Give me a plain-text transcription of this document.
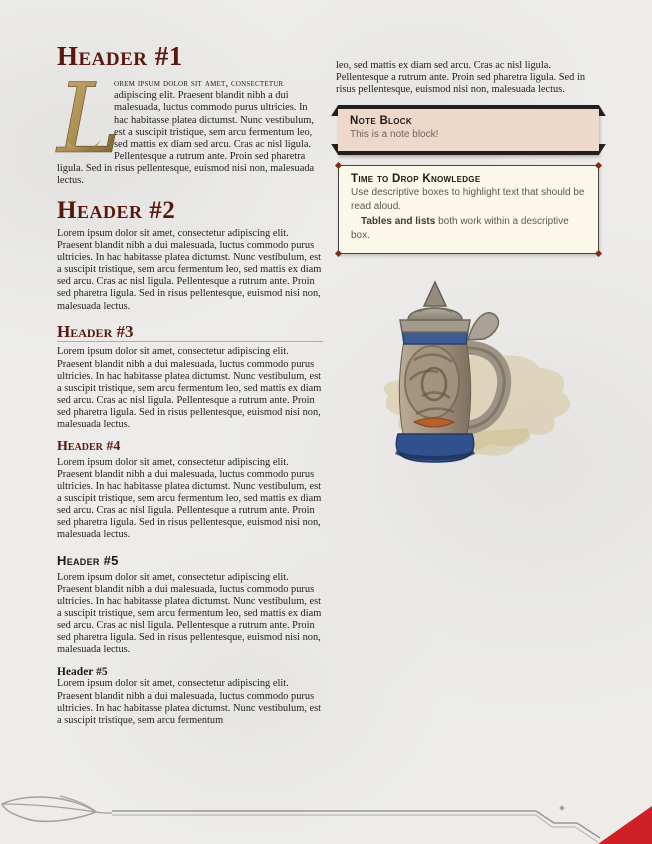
Header #1

L
orem ipsum dolor sit amet, consectetur adipiscing elit. Praesent blandit nibh a dui malesuada, luctus commodo purus ultricies. In hac habitasse platea dictumst. Nunc vestibulum, est a suscipit tristique, sem arcu fermentum leo, sed mattis ex diam sed arcu. Cras ac nisl ligula. Pellentesque a rutrum ante. Proin sed pharetra ligula. Sed in risus pellentesque, euismod nisi non, malesuada lectus.

Header #2

Lorem ipsum dolor sit amet, consectetur adipiscing elit. Praesent blandit nibh a dui malesuada, luctus commodo purus ultricies. In hac habitasse platea dictumst. Nunc vestibulum, est a suscipit tristique, sem arcu fermentum leo, sed mattis ex diam sed arcu. Cras ac nisl ligula. Pellentesque a rutrum ante. Proin sed pharetra ligula. Sed in risus pellentesque, euismod nisi non, malesuada lectus.

Header #3

Lorem ipsum dolor sit amet, consectetur adipiscing elit. Praesent blandit nibh a dui malesuada, luctus commodo purus ultricies. In hac habitasse platea dictumst. Nunc vestibulum, est a suscipit tristique, sem arcu fermentum leo, sed mattis ex diam sed arcu. Cras ac nisl ligula. Pellentesque a rutrum ante. Proin sed pharetra ligula. Sed in risus pellentesque, euismod nisi non, malesuada lectus.

Header #4

Lorem ipsum dolor sit amet, consectetur adipiscing elit. Praesent blandit nibh a dui malesuada, luctus commodo purus ultricies. In hac habitasse platea dictumst. Nunc vestibulum, est a suscipit tristique, sem arcu fermentum leo, sed mattis ex diam sed arcu. Cras ac nisl ligula. Pellentesque a rutrum ante. Proin sed pharetra ligula. Sed in risus pellentesque, euismod nisi non, malesuada lectus.

Header #5

Lorem ipsum dolor sit amet, consectetur adipiscing elit. Praesent blandit nibh a dui malesuada, luctus commodo purus ultricies. In hac habitasse platea dictumst. Nunc vestibulum, est a suscipit tristique, sem arcu fermentum leo, sed mattis ex diam sed arcu. Cras ac nisl ligula. Pellentesque a rutrum ante. Proin sed pharetra ligula. Sed in risus pellentesque, euismod nisi non, malesuada lectus.

Header #5

Lorem ipsum dolor sit amet, consectetur adipiscing elit. Praesent blandit nibh a dui malesuada, luctus commodo purus ultricies. In hac habitasse platea dictumst. Nunc vestibulum, est a suscipit tristique, sem arcu fermentum

leo, sed mattis ex diam sed arcu. Cras ac nisl ligula. Pellentesque a rutrum ante. Proin sed pharetra ligula. Sed in risus pellentesque, euismod nisi non, malesuada lectus.

Note Block
This is a note block!
Time to Drop Knowledge
Use descriptive boxes to highlight text that should be read aloud.
Tables and lists both work within a descriptive box.
